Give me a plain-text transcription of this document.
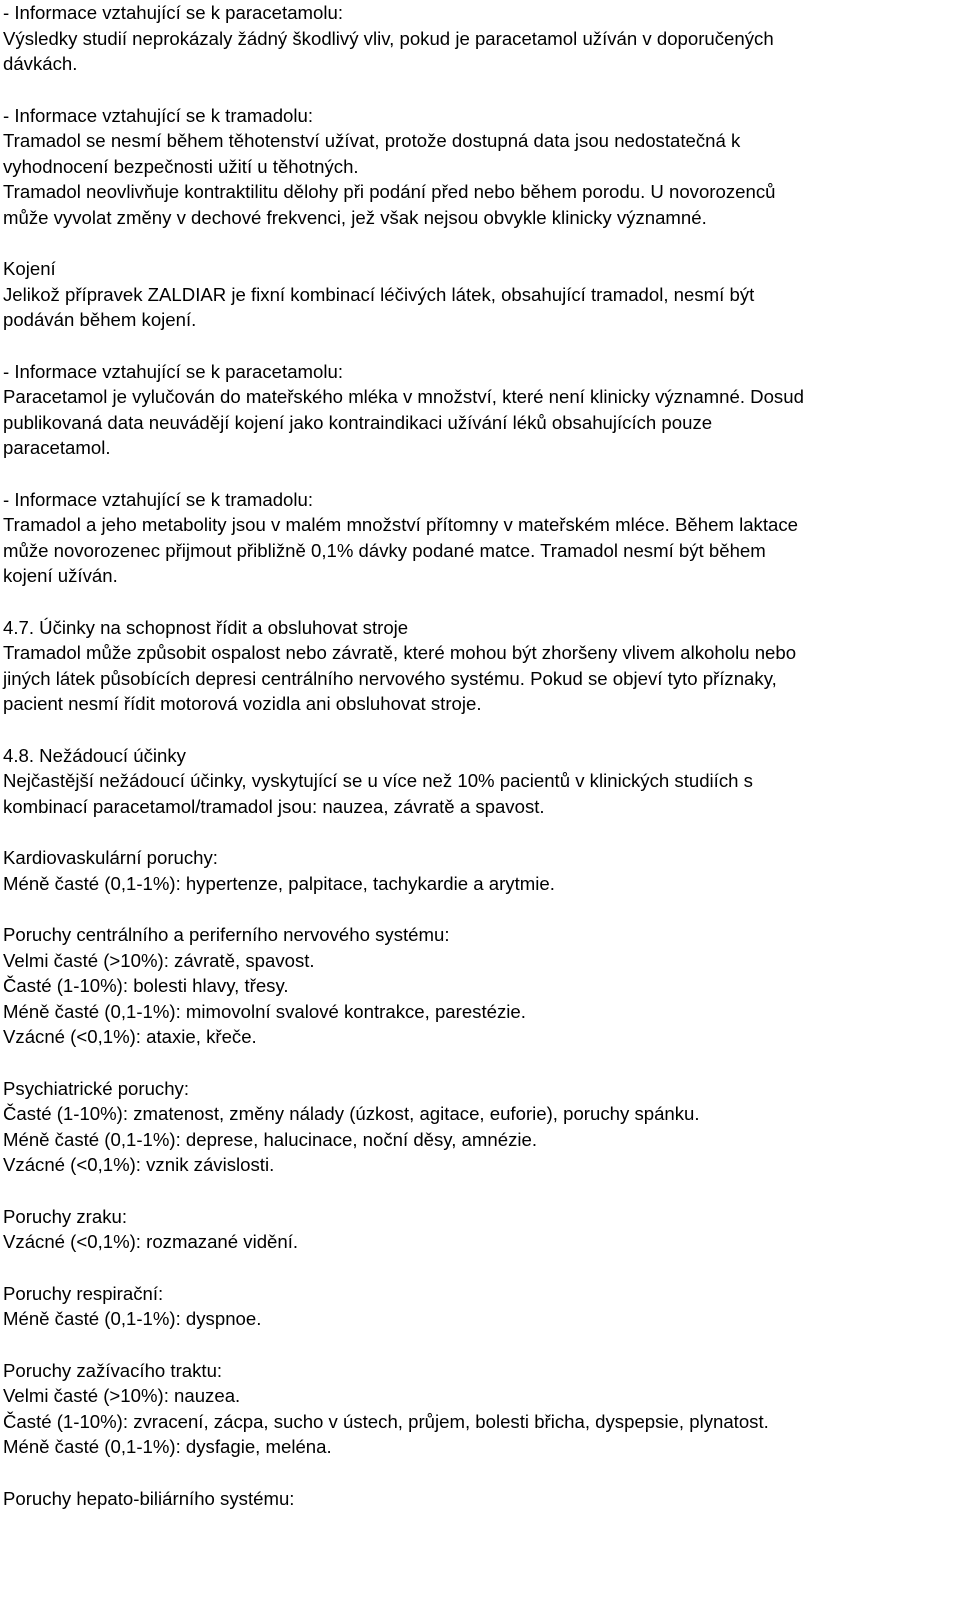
- Informace vztahující se k paracetamolu:
Výsledky studií neprokázaly žádný škodlivý vliv, pokud je paracetamol užíván v doporučených
dávkách.
- Informace vztahující se k tramadolu:
Tramadol se nesmí během těhotenství užívat, protože dostupná data jsou nedostatečná k
vyhodnocení bezpečnosti užití u těhotných.
Tramadol neovlivňuje kontraktilitu dělohy při podání před nebo během porodu. U novorozenců
může vyvolat změny v dechové frekvenci, jež však nejsou obvykle klinicky významné.
Kojení
Jelikož přípravek ZALDIAR je fixní kombinací léčivých látek, obsahující tramadol, nesmí být
podáván během kojení.
- Informace vztahující se k paracetamolu:
Paracetamol je vylučován do mateřského mléka v množství, které není klinicky významné. Dosud
publikovaná data neuvádějí kojení jako kontraindikaci užívání léků obsahujících pouze
paracetamol.
- Informace vztahující se k tramadolu:
Tramadol a jeho metabolity jsou v malém množství přítomny v mateřském mléce. Během laktace
může novorozenec přijmout přibližně 0,1% dávky podané matce. Tramadol nesmí být během
kojení užíván.
4.7. Účinky na schopnost řídit a obsluhovat stroje
Tramadol může způsobit ospalost nebo závratě, které mohou být zhoršeny vlivem alkoholu nebo
jiných látek působících depresi centrálního nervového systému. Pokud se objeví tyto příznaky,
pacient nesmí řídit motorová vozidla ani obsluhovat stroje.
4.8. Nežádoucí účinky
Nejčastější nežádoucí účinky, vyskytující se u více než 10% pacientů v klinických studiích s
kombinací paracetamol/tramadol jsou: nauzea, závratě a spavost.
Kardiovaskulární poruchy:
Méně časté (0,1-1%): hypertenze, palpitace, tachykardie a arytmie.
Poruchy centrálního a periferního nervového systému:
Velmi časté (>10%): závratě, spavost.
Časté (1-10%): bolesti hlavy, třesy.
Méně časté (0,1-1%): mimovolní svalové kontrakce, parestézie.
Vzácné (<0,1%): ataxie, křeče.
Psychiatrické poruchy:
Časté (1-10%): zmatenost, změny nálady (úzkost, agitace, euforie), poruchy spánku.
Méně časté (0,1-1%): deprese, halucinace, noční děsy, amnézie.
Vzácné (<0,1%): vznik závislosti.
Poruchy zraku:
Vzácné (<0,1%): rozmazané vidění.
Poruchy respirační:
Méně časté (0,1-1%): dyspnoe.
Poruchy zažívacího traktu:
Velmi časté (>10%): nauzea.
Časté (1-10%): zvracení, zácpa, sucho v ústech, průjem, bolesti břicha, dyspepsie, plynatost.
Méně časté (0,1-1%): dysfagie, meléna.
Poruchy hepato-biliárního systému:
